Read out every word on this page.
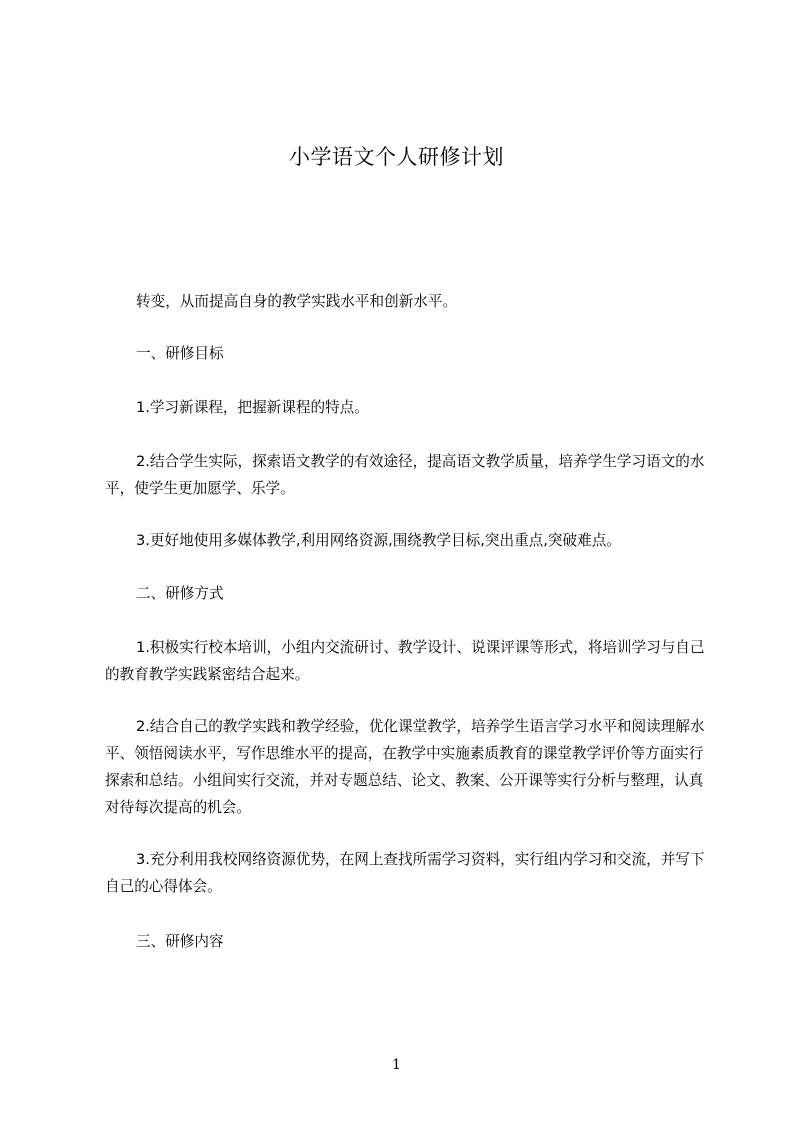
小学语文个人研修计划

转变，从而提高自身的教学实践水平和创新水平。

一、研修目标

1.学习新课程，把握新课程的特点。

2.结合学生实际，探索语文教学的有效途径，提高语文教学质量，培养学生学习语文的水平，使学生更加愿学、乐学。

3.更好地使用多媒体教学,利用网络资源,围绕教学目标,突出重点,突破难点。

二、研修方式

1.积极实行校本培训，小组内交流研讨、教学设计、说课评课等形式，将培训学习与自己的教育教学实践紧密结合起来。

2.结合自己的教学实践和教学经验，优化课堂教学，培养学生语言学习水平和阅读理解水平、领悟阅读水平，写作思维水平的提高，在教学中实施素质教育的课堂教学评价等方面实行探索和总结。小组间实行交流，并对专题总结、论文、教案、公开课等实行分析与整理，认真对待每次提高的机会。

3.充分利用我校网络资源优势，在网上查找所需学习资料，实行组内学习和交流，并写下自己的心得体会。

三、研修内容

1
